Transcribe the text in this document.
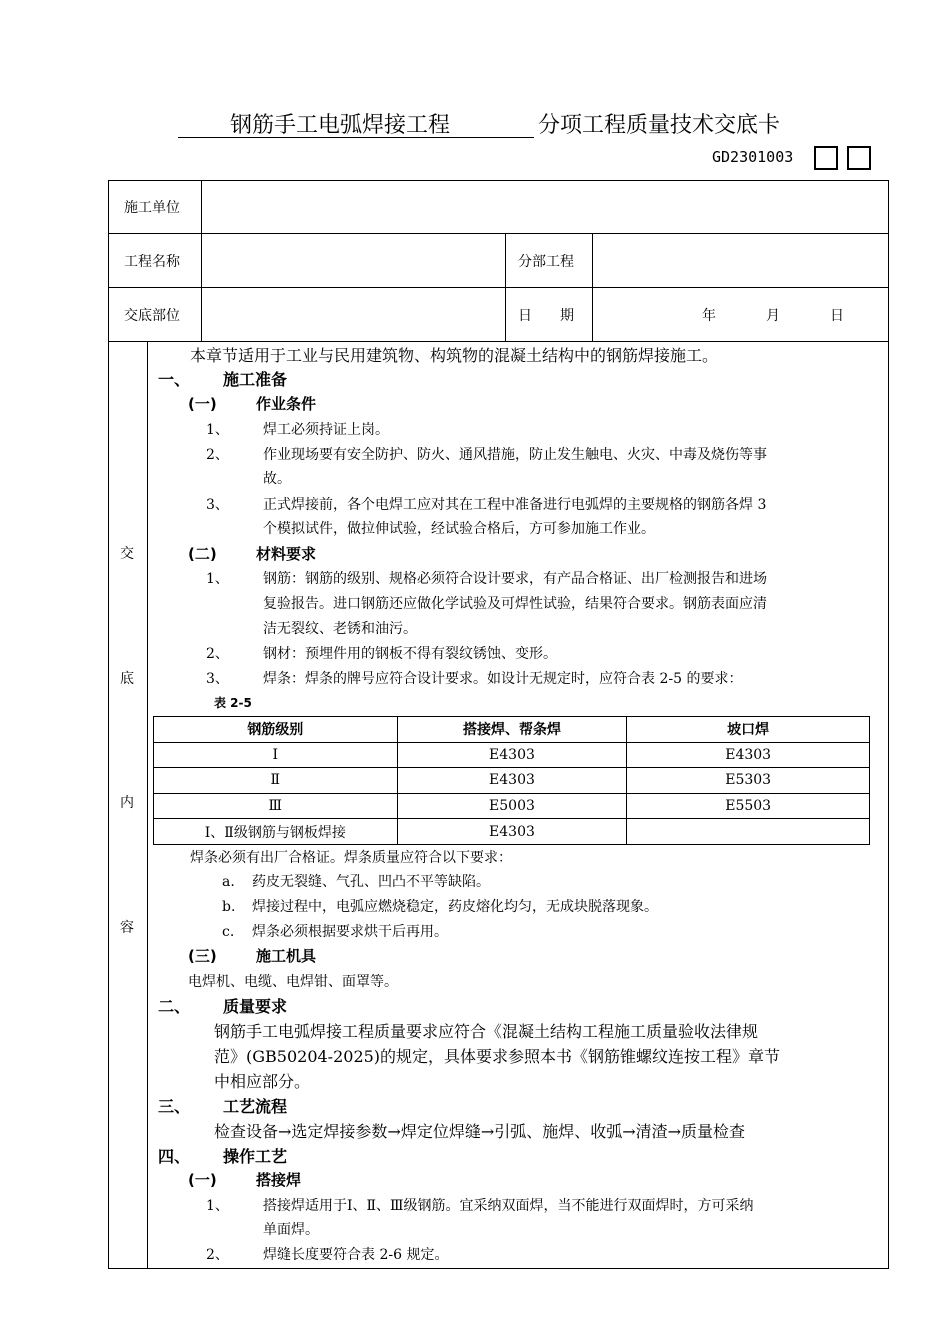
钢筋手工电弧焊接工程	分项工程质量技术交底卡
GD2301003
施工单位
工程名称	分部工程
交底部位	日　　期	年	月	日
交
底
内
容
本章节适用于工业与民用建筑物、构筑物的混凝土结构中的钢筋焊接施工。
一、 施工准备
(一)	作业条件
1、 焊工必须持证上岗。
2、 作业现场要有安全防护、防火、通风措施，防止发生触电、火灾、中毒及烧伤等事
故。
3、 正式焊接前，各个电焊工应对其在工程中准备进行电弧焊的主要规格的钢筋各焊 3
个模拟试件，做拉伸试验，经试验合格后，方可参加施工作业。
(二)	材料要求
1、 钢筋：钢筋的级别、规格必须符合设计要求，有产品合格证、出厂检测报告和进场
复验报告。进口钢筋还应做化学试验及可焊性试验，结果符合要求。钢筋表面应清
洁无裂纹、老锈和油污。
2、 钢材：预埋件用的钢板不得有裂纹锈蚀、变形。
3、 焊条：焊条的牌号应符合设计要求。如设计无规定时，应符合表 2-5 的要求：
表 2-5
钢筋级别	搭接焊、帮条焊	坡口焊
Ⅰ	E4303	E4303
Ⅱ	E4303	E5303
Ⅲ	E5003	E5503
Ⅰ、Ⅱ级钢筋与钢板焊接	E4303	
焊条必须有出厂合格证。焊条质量应符合以下要求：
a. 药皮无裂缝、气孔、凹凸不平等缺陷。
b. 焊接过程中，电弧应燃烧稳定，药皮熔化均匀，无成块脱落现象。
c. 焊条必须根据要求烘干后再用。
(三)	施工机具
电焊机、电缆、电焊钳、面罩等。
二、 质量要求
钢筋手工电弧焊接工程质量要求应符合《混凝土结构工程施工质量验收法律规
范》(GB50204-2025)的规定，具体要求参照本书《钢筋锥螺纹连按工程》章节
中相应部分。
三、 工艺流程
检查设备→选定焊接参数→焊定位焊缝→引弧、施焊、收弧→清渣→质量检查
四、 操作工艺
(一)	搭接焊
1、 搭接焊适用于Ⅰ、Ⅱ、Ⅲ级钢筋。宜采纳双面焊，当不能进行双面焊时，方可采纳
单面焊。
2、 焊缝长度要符合表 2-6 规定。
